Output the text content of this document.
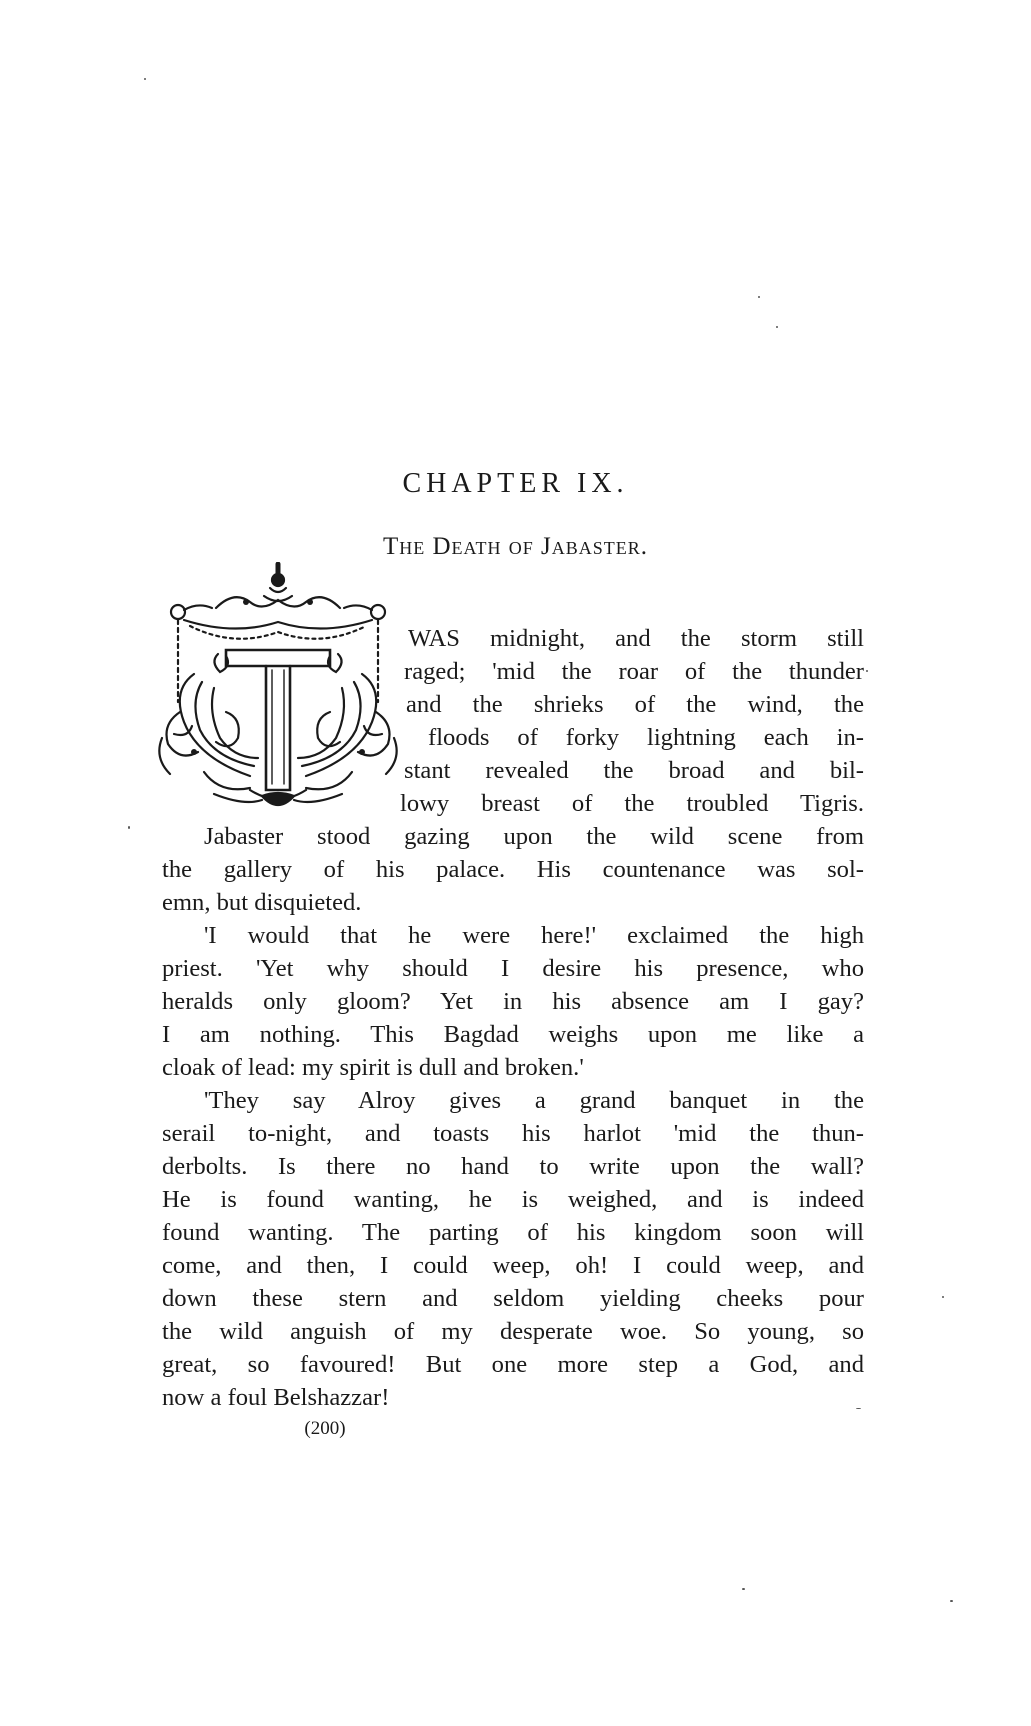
CHAPTER IX.
The Death of Jabaster.

WAS midnight, and the storm still

raged; 'mid the roar of the thunder

and the shrieks of the wind, the

floods of forky lightning each in-

stant revealed the broad and bil-

lowy breast of the troubled Tigris.

Jabaster stood gazing upon the wild scene from

the gallery of his palace. His countenance was sol-

emn, but disquieted.

'I would that he were here!' exclaimed the high

priest. 'Yet why should I desire his presence, who

heralds only gloom? Yet in his absence am I gay?

I am nothing. This Bagdad weighs upon me like a

cloak of lead: my spirit is dull and broken.'

'They say Alroy gives a grand banquet in the

serail to-night, and toasts his harlot 'mid the thun-

derbolts. Is there no hand to write upon the wall?

He is found wanting, he is weighed, and is indeed

found wanting. The parting of his kingdom soon will

come, and then, I could weep, oh! I could weep, and

down these stern and seldom yielding cheeks pour

the wild anguish of my desperate woe. So young, so

great, so favoured! But one more step a God, and

now a foul Belshazzar!

(200)
